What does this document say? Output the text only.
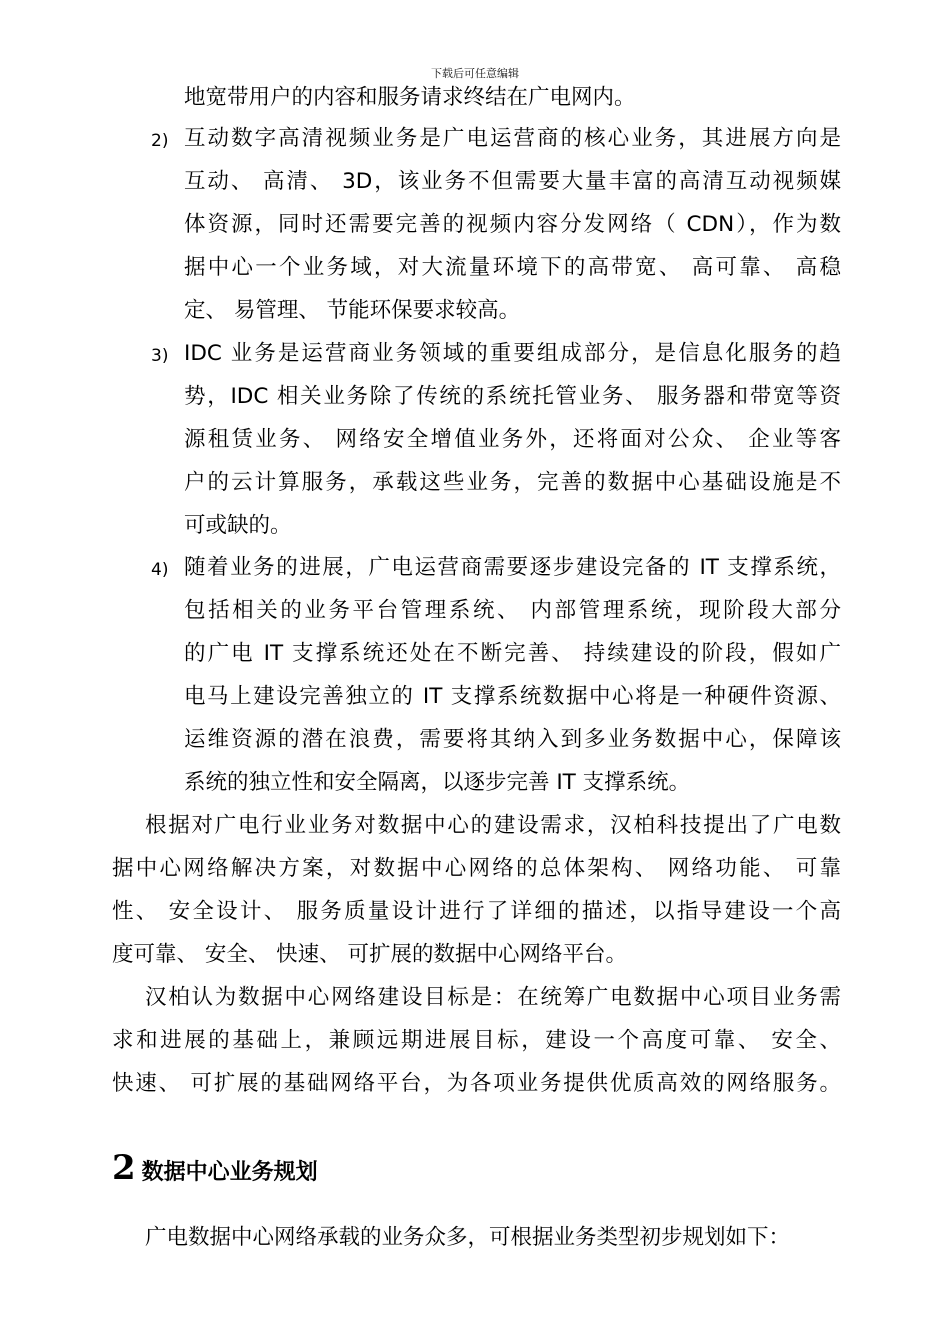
下载后可任意编辑
地宽带用户的内容和服务请求终结在广电网内。
2) 互动数字高清视频业务是广电运营商的核心业务，其进展方向是
互动、 高清、 3D，该业务不但需要大量丰富的高清互动视频媒
体资源，同时还需要完善的视频内容分发网络（ CDN），作为数
据中心一个业务域，对大流量环境下的高带宽、 高可靠、 高稳
定、 易管理、 节能环保要求较高。
3) IDC 业务是运营商业务领域的重要组成部分，是信息化服务的趋
势，IDC 相关业务除了传统的系统托管业务、 服务器和带宽等资
源租赁业务、 网络安全增值业务外，还将面对公众、 企业等客
户的云计算服务，承载这些业务，完善的数据中心基础设施是不
可或缺的。
4) 随着业务的进展，广电运营商需要逐步建设完备的 IT 支撑系统，
包括相关的业务平台管理系统、 内部管理系统，现阶段大部分
的广电 IT 支撑系统还处在不断完善、 持续建设的阶段，假如广
电马上建设完善独立的 IT 支撑系统数据中心将是一种硬件资源、
运维资源的潜在浪费，需要将其纳入到多业务数据中心，保障该
系统的独立性和安全隔离，以逐步完善 IT 支撑系统。
根据对广电行业业务对数据中心的建设需求，汉柏科技提出了广电数
据中心网络解决方案，对数据中心网络的总体架构、 网络功能、 可靠
性、 安全设计、 服务质量设计进行了详细的描述，以指导建设一个高
度可靠、 安全、 快速、 可扩展的数据中心网络平台。
汉柏认为数据中心网络建设目标是：在统筹广电数据中心项目业务需
求和进展的基础上，兼顾远期进展目标，建设一个高度可靠、 安全、
快速、 可扩展的基础网络平台，为各项业务提供优质高效的网络服务。
2 数据中心业务规划
广电数据中心网络承载的业务众多，可根据业务类型初步规划如下：
